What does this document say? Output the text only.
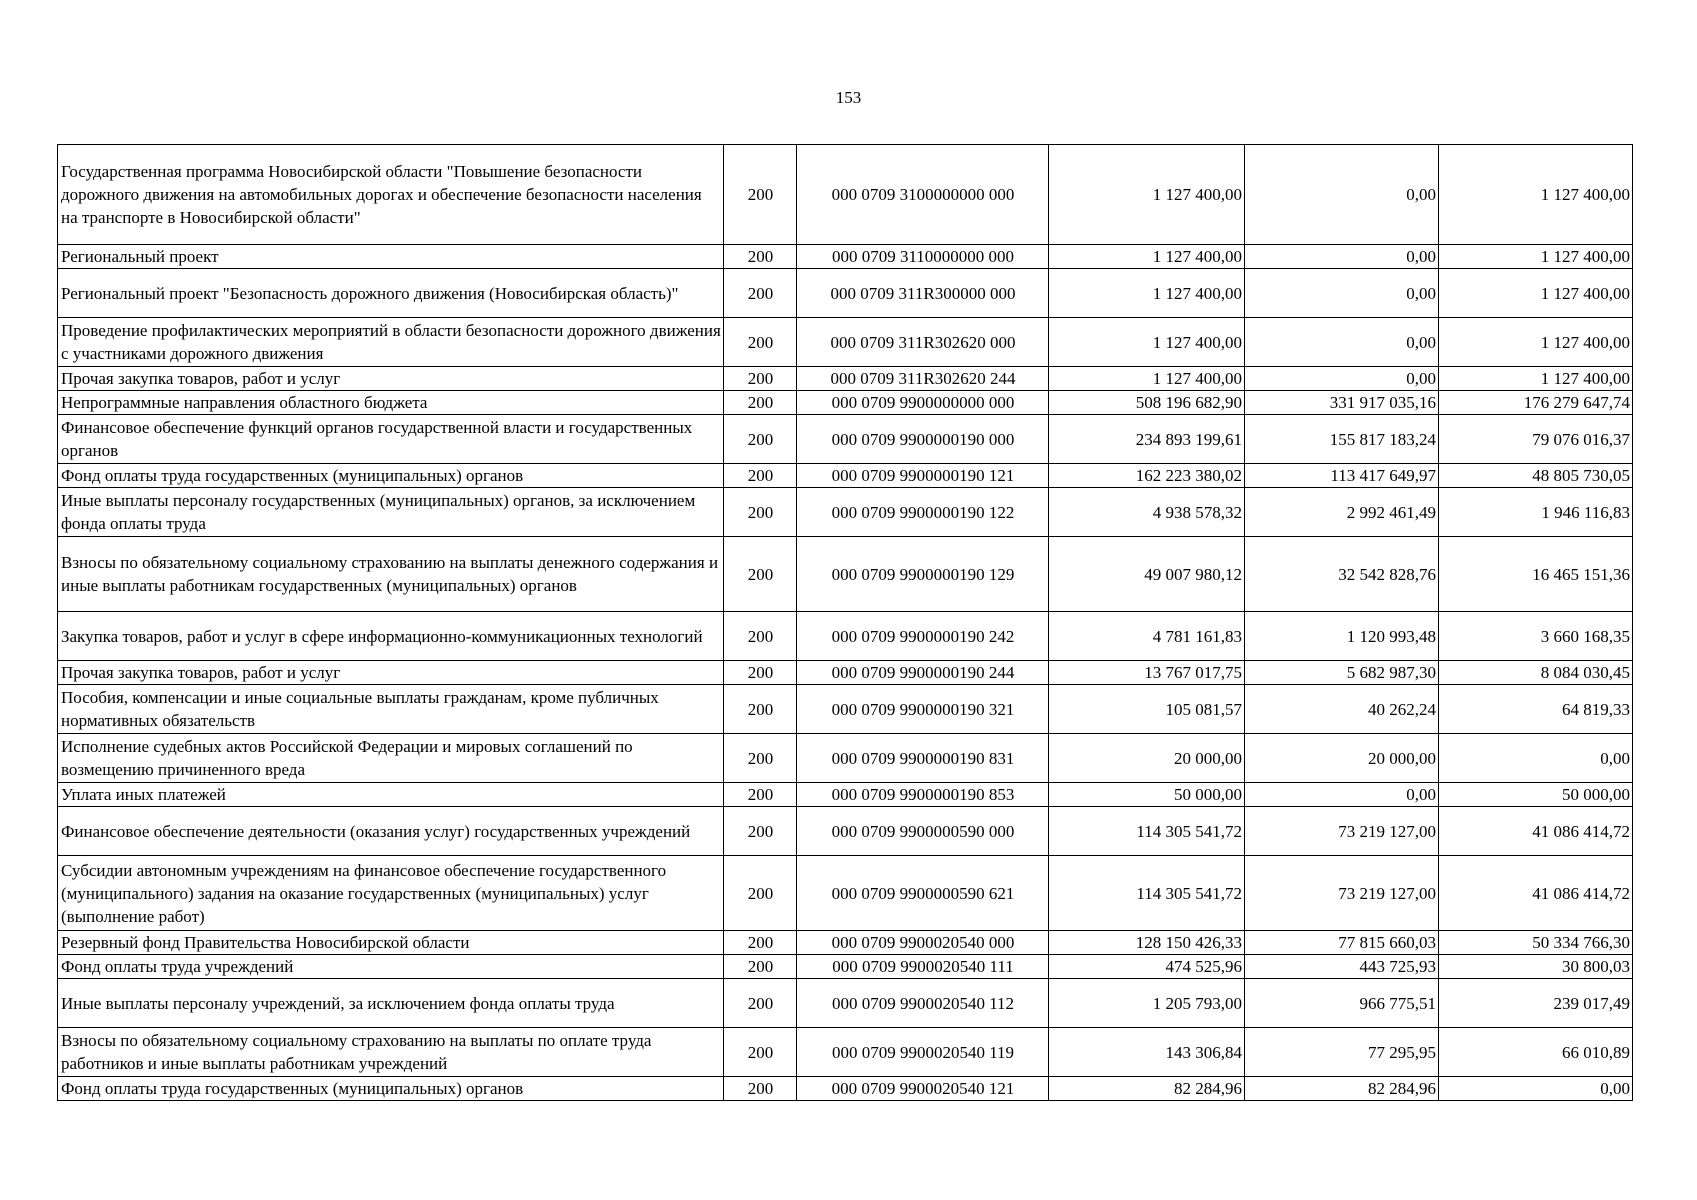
153
Государственная программа Новосибирской области "Повышение безопасности дорожного движения на автомобильных дорогах и обеспечение безопасности населения на транспорте в Новосибирской области"	200	000 0709 3100000000 000	1 127 400,00	0,00	1 127 400,00
Региональный проект	200	000 0709 3110000000 000	1 127 400,00	0,00	1 127 400,00
Региональный проект "Безопасность дорожного движения (Новосибирская область)"	200	000 0709 311R300000 000	1 127 400,00	0,00	1 127 400,00
Проведение профилактических мероприятий в области безопасности дорожного движения с участниками дорожного движения	200	000 0709 311R302620 000	1 127 400,00	0,00	1 127 400,00
Прочая закупка товаров, работ и услуг	200	000 0709 311R302620 244	1 127 400,00	0,00	1 127 400,00
Непрограммные направления областного бюджета	200	000 0709 9900000000 000	508 196 682,90	331 917 035,16	176 279 647,74
Финансовое обеспечение функций органов государственной власти и государственных органов	200	000 0709 9900000190 000	234 893 199,61	155 817 183,24	79 076 016,37
Фонд оплаты труда государственных (муниципальных) органов	200	000 0709 9900000190 121	162 223 380,02	113 417 649,97	48 805 730,05
Иные выплаты персоналу государственных (муниципальных) органов, за исключением фонда оплаты труда	200	000 0709 9900000190 122	4 938 578,32	2 992 461,49	1 946 116,83
Взносы по обязательному социальному страхованию на выплаты денежного содержания и иные выплаты работникам государственных (муниципальных) органов	200	000 0709 9900000190 129	49 007 980,12	32 542 828,76	16 465 151,36
Закупка товаров, работ и услуг в сфере информационно-коммуникационных технологий	200	000 0709 9900000190 242	4 781 161,83	1 120 993,48	3 660 168,35
Прочая закупка товаров, работ и услуг	200	000 0709 9900000190 244	13 767 017,75	5 682 987,30	8 084 030,45
Пособия, компенсации и иные социальные выплаты гражданам, кроме публичных нормативных обязательств	200	000 0709 9900000190 321	105 081,57	40 262,24	64 819,33
Исполнение судебных актов Российской Федерации и мировых соглашений по возмещению причиненного вреда	200	000 0709 9900000190 831	20 000,00	20 000,00	0,00
Уплата иных платежей	200	000 0709 9900000190 853	50 000,00	0,00	50 000,00
Финансовое обеспечение деятельности (оказания услуг) государственных учреждений	200	000 0709 9900000590 000	114 305 541,72	73 219 127,00	41 086 414,72
Субсидии автономным учреждениям на финансовое обеспечение государственного (муниципального) задания на оказание государственных (муниципальных) услуг (выполнение работ)	200	000 0709 9900000590 621	114 305 541,72	73 219 127,00	41 086 414,72
Резервный фонд Правительства Новосибирской области	200	000 0709 9900020540 000	128 150 426,33	77 815 660,03	50 334 766,30
Фонд оплаты труда учреждений	200	000 0709 9900020540 111	474 525,96	443 725,93	30 800,03
Иные выплаты персоналу учреждений, за исключением фонда оплаты труда	200	000 0709 9900020540 112	1 205 793,00	966 775,51	239 017,49
Взносы по обязательному социальному страхованию на выплаты по оплате труда работников и иные выплаты работникам учреждений	200	000 0709 9900020540 119	143 306,84	77 295,95	66 010,89
Фонд оплаты труда государственных (муниципальных) органов	200	000 0709 9900020540 121	82 284,96	82 284,96	0,00
